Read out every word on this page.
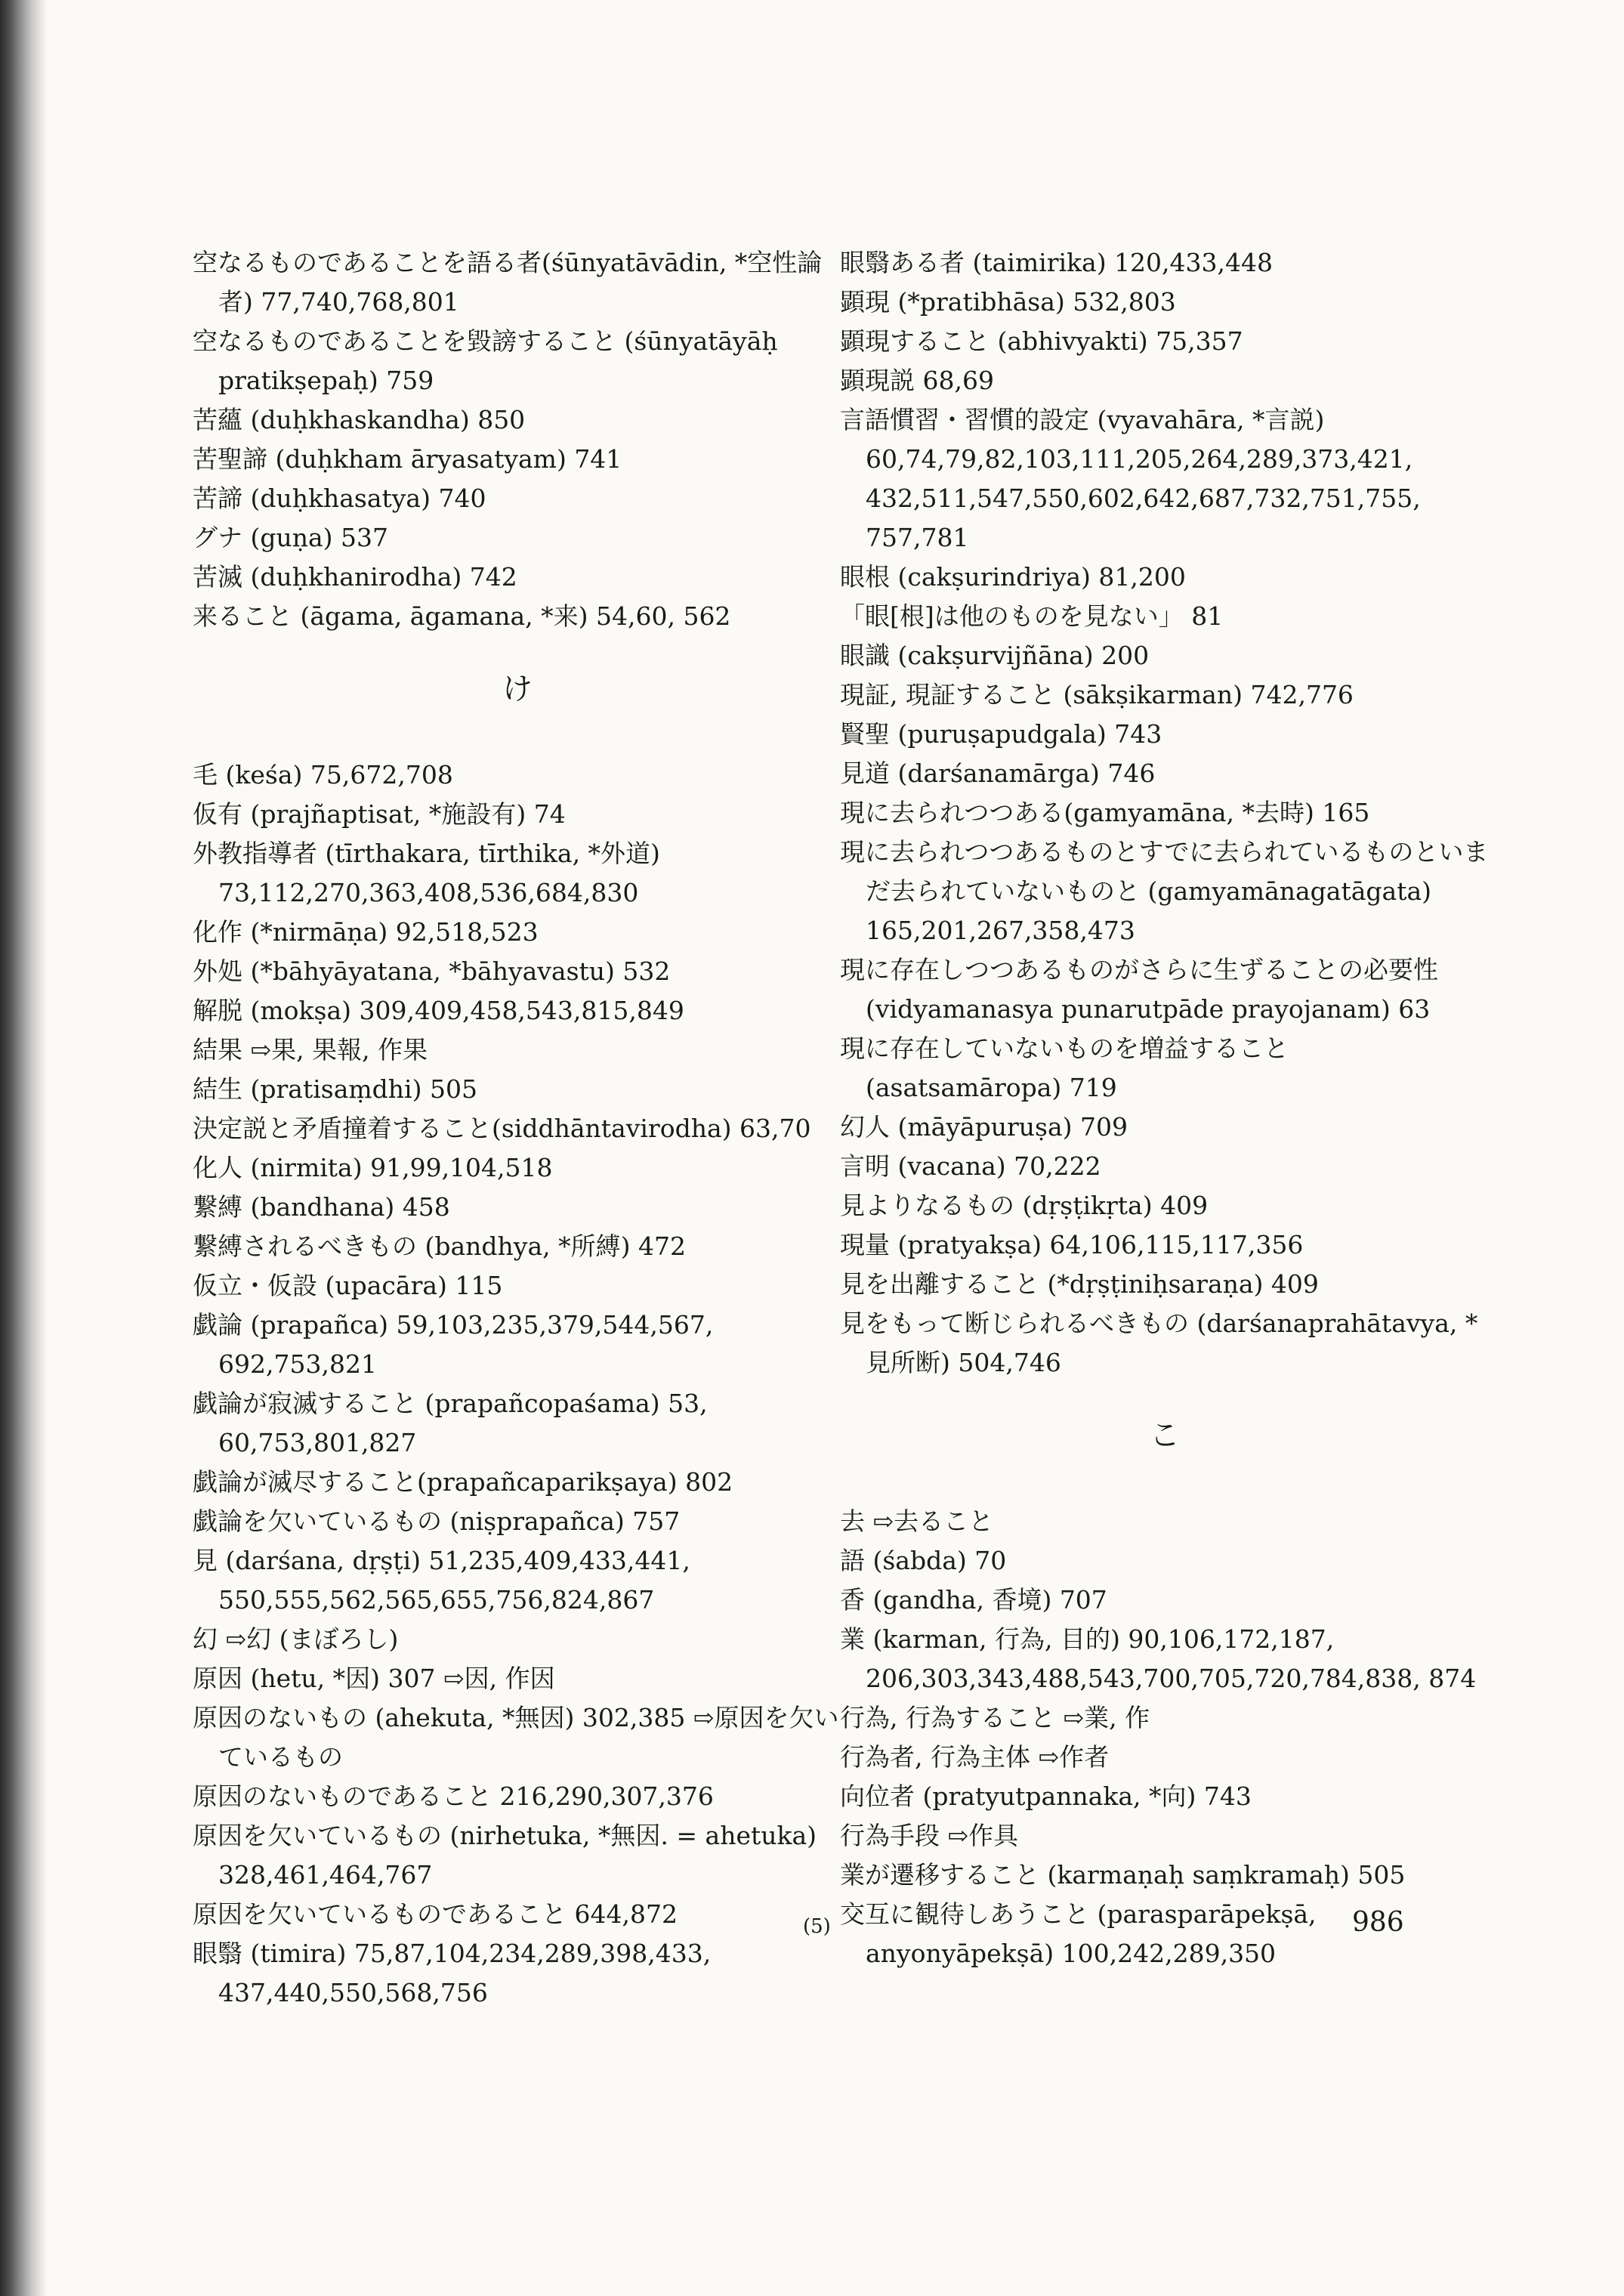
空なるものであることを語る者(śūnyatāvādin, *空性論者) 77,740,768,801
空なるものであることを毀謗すること (śūnyatāyāḥ pratikṣepaḥ) 759
苦蘊 (duḥkhaskandha) 850
苦聖諦 (duḥkham āryasatyam) 741
苦諦 (duḥkhasatya) 740
グナ (guṇa) 537
苦滅 (duḥkhanirodha) 742
来ること (āgama, āgamana, *来) 54,60, 562
け
毛 (keśa) 75,672,708
仮有 (prajñaptisat, *施設有) 74
外教指導者 (tīrthakara, tīrthika, *外道) 73,112,270,363,408,536,684,830
化作 (*nirmāṇa) 92,518,523
外処 (*bāhyāyatana, *bāhyavastu) 532
解脱 (mokṣa) 309,409,458,543,815,849
結果 ⇨果, 果報, 作果
結生 (pratisaṃdhi) 505
決定説と矛盾撞着すること(siddhāntavirodha) 63,70
化人 (nirmita) 91,99,104,518
繋縛 (bandhana) 458
繋縛されるべきもの (bandhya, *所縛) 472
仮立・仮設 (upacāra) 115
戯論 (prapañca) 59,103,235,379,544,567, 692,753,821
戯論が寂滅すること (prapañcopaśama) 53, 60,753,801,827
戯論が滅尽すること(prapañcaparikṣaya) 802
戯論を欠いているもの (niṣprapañca) 757
見 (darśana, dṛṣṭi) 51,235,409,433,441, 550,555,562,565,655,756,824,867
幻 ⇨幻 (まぼろし)
原因 (hetu, *因) 307 ⇨因, 作因
原因のないもの (ahekuta, *無因) 302,385 ⇨原因を欠いているもの
原因のないものであること 216,290,307,376
原因を欠いているもの (nirhetuka, *無因. = ahetuka) 328,461,464,767
原因を欠いているものであること 644,872
眼翳 (timira) 75,87,104,234,289,398,433, 437,440,550,568,756
眼翳ある者 (taimirika) 120,433,448
顕現 (*pratibhāsa) 532,803
顕現すること (abhivyakti) 75,357
顕現説 68,69
言語慣習・習慣的設定 (vyavahāra, *言説) 60,74,79,82,103,111,205,264,289,373,421, 432,511,547,550,602,642,687,732,751,755, 757,781
眼根 (cakṣurindriya) 81,200
「眼[根]は他のものを見ない」 81
眼識 (cakṣurvijñāna) 200
現証, 現証すること (sākṣikarman) 742,776
賢聖 (puruṣapudgala) 743
見道 (darśanamārga) 746
現に去られつつある(gamyamāna, *去時) 165
現に去られつつあるものとすでに去られているものといまだ去られていないものと (gamyamānagatāgata) 165,201,267,358,473
現に存在しつつあるものがさらに生ずることの必要性 (vidyamanasya punarutpāde prayojanam) 63
現に存在していないものを増益すること (asatsamāropa) 719
幻人 (māyāpuruṣa) 709
言明 (vacana) 70,222
見よりなるもの (dṛṣṭikṛta) 409
現量 (pratyakṣa) 64,106,115,117,356
見を出離すること (*dṛṣṭiniḥsaraṇa) 409
見をもって断じられるべきもの (darśanaprahātavya, *見所断) 504,746
こ
去 ⇨去ること
語 (śabda) 70
香 (gandha, 香境) 707
業 (karman, 行為, 目的) 90,106,172,187, 206,303,343,488,543,700,705,720,784,838, 874
行為, 行為すること ⇨業, 作
行為者, 行為主体 ⇨作者
向位者 (pratyutpannaka, *向) 743
行為手段 ⇨作具
業が遷移すること (karmaṇaḥ saṃkramaḥ) 505
交互に観待しあうこと (parasparāpekṣā, anyonyāpekṣā) 100,242,289,350
(5)	986
